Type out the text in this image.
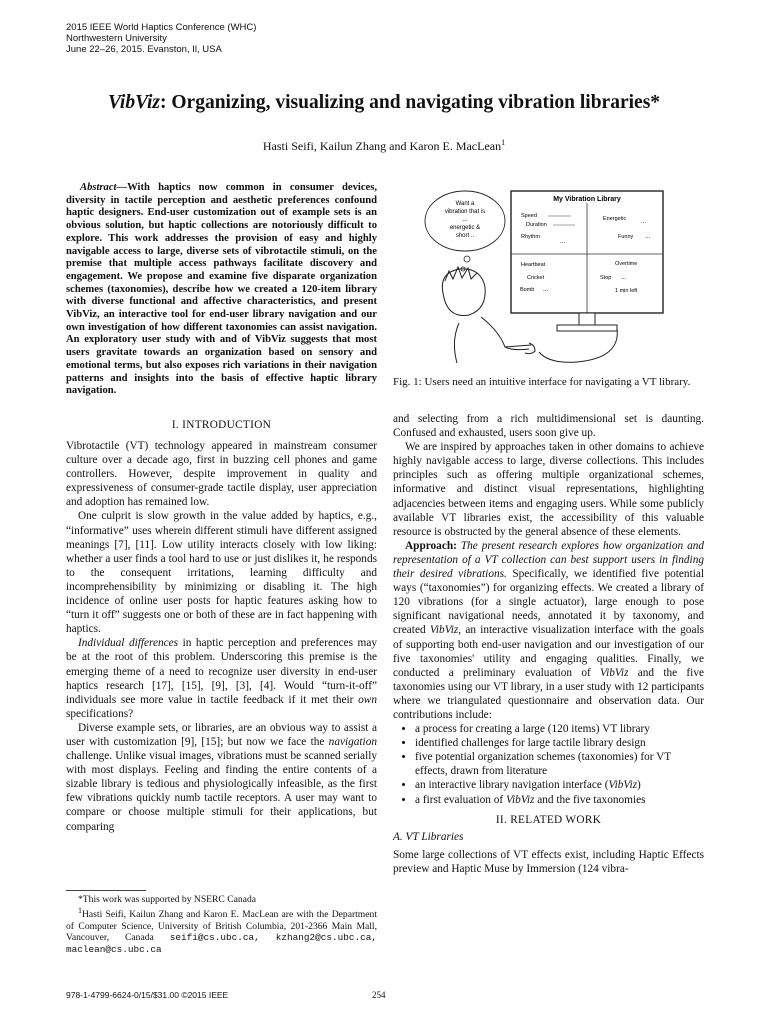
2015 IEEE World Haptics Conference (WHC)
Northwestern University
June 22–26, 2015. Evanston, Il, USA
VibViz: Organizing, visualizing and navigating vibration libraries*
Hasti Seifi, Kailun Zhang and Karon E. MacLean$^1$
Abstract—With haptics now common in consumer devices, diversity in tactile perception and aesthetic preferences confound haptic designers. End-user customization out of example sets is an obvious solution, but haptic collections are notoriously difficult to explore. This work addresses the provision of easy and highly navigable access to large, diverse sets of vibrotactile stimuli, on the premise that multiple access pathways facilitate discovery and engagement. We propose and examine five disparate organization schemes (taxonomies), describe how we created a 120-item library with diverse functional and affective characteristics, and present VibViz, an interactive tool for end-user library navigation and our own investigation of how different taxonomies can assist navigation. An exploratory user study with and of VibViz suggests that most users gravitate towards an organization based on sensory and emotional terms, but also exposes rich variations in their navigation patterns and insights into the basis of effective haptic library navigation.
I. INTRODUCTION

Vibrotactile (VT) technology appeared in mainstream consumer culture over a decade ago, first in buzzing cell phones and game controllers. However, despite improvement in quality and expressiveness of consumer-grade tactile display, user appreciation and adoption has remained low.

One culprit is slow growth in the value added by haptics, e.g., “informative” uses wherein different stimuli have different assigned meanings [7], [11]. Low utility interacts closely with low liking: whether a user finds a tool hard to use or just dislikes it, he responds to the consequent irritations, learning difficulty and incomprehensibility by minimizing or disabling it. The high incidence of online user posts for haptic features asking how to “turn it off” suggests one or both of these are in fact happening with haptics.

Individual differences in haptic perception and preferences may be at the root of this problem. Underscoring this premise is the emerging theme of a need to recognize user diversity in end-user haptics research [17], [15], [9], [3], [4]. Would “turn-it-off” individuals see more value in tactile feedback if it met their own specifications?

Diverse example sets, or libraries, are an obvious way to assist a user with customization [9], [15]; but now we face the navigation challenge. Unlike visual images, vibrations must be scanned serially with most displays. Feeling and finding the entire contents of a sizable library is tedious and physiologically infeasible, as the first few vibrations quickly numb tactile receptors. A user may want to compare or choose multiple stimuli for their applications, but comparing

*This work was supported by NSERC Canada
$^1$Hasti Seifi, Kailun Zhang and Karon E. MacLean are with the Department of Computer Science, University of British Columbia, 201-2366 Main Mall, Vancouver, Canada seifi@cs.ubc.ca, kzhang2@cs.ubc.ca, maclean@cs.ubc.ca
Want a
vibration that is
...
energetic &
short ..
My Vibration Library
Speed
Duration
Rhythm
...
Energetic
Funny
...
...
Heartbeat
Cricket
Bomb ...
Overtime
Stop
1 min left
...
Fig. 1: Users need an intuitive interface for navigating a VT library.

and selecting from a rich multidimensional set is daunting. Confused and exhausted, users soon give up.

We are inspired by approaches taken in other domains to achieve highly navigable access to large, diverse collections. This includes principles such as offering multiple organizational schemes, informative and distinct visual representations, highlighting adjacencies between items and engaging users. While some publicly available VT libraries exist, the accessibility of this valuable resource is obstructed by the general absence of these elements.

Approach: The present research explores how organization and representation of a VT collection can best support users in finding their desired vibrations. Specifically, we identified five potential ways (“taxonomies”) for organizing effects. We created a library of 120 vibrations (for a single actuator), large enough to pose significant navigational needs, annotated it by taxonomy, and created VibViz, an interactive visualization interface with the goals of supporting both end-user navigation and our investigation of our five taxonomies' utility and engaging qualities. Finally, we conducted a preliminary evaluation of VibViz and the five taxonomies using our VT library, in a user study with 12 participants where we triangulated questionnaire and observation data. Our contributions include:

• a process for creating a large (120 items) VT library
• identified challenges for large tactile library design
• five potential organization schemes (taxonomies) for VT effects, drawn from literature
• an interactive library navigation interface (VibViz)
• a first evaluation of VibViz and the five taxonomies
II. RELATED WORK
A. VT Libraries

Some large collections of VT effects exist, including Haptic Effects preview and Haptic Muse by Immersion (124 vibra-

978-1-4799-6624-0/15/$31.00 ©2015 IEEE	254
